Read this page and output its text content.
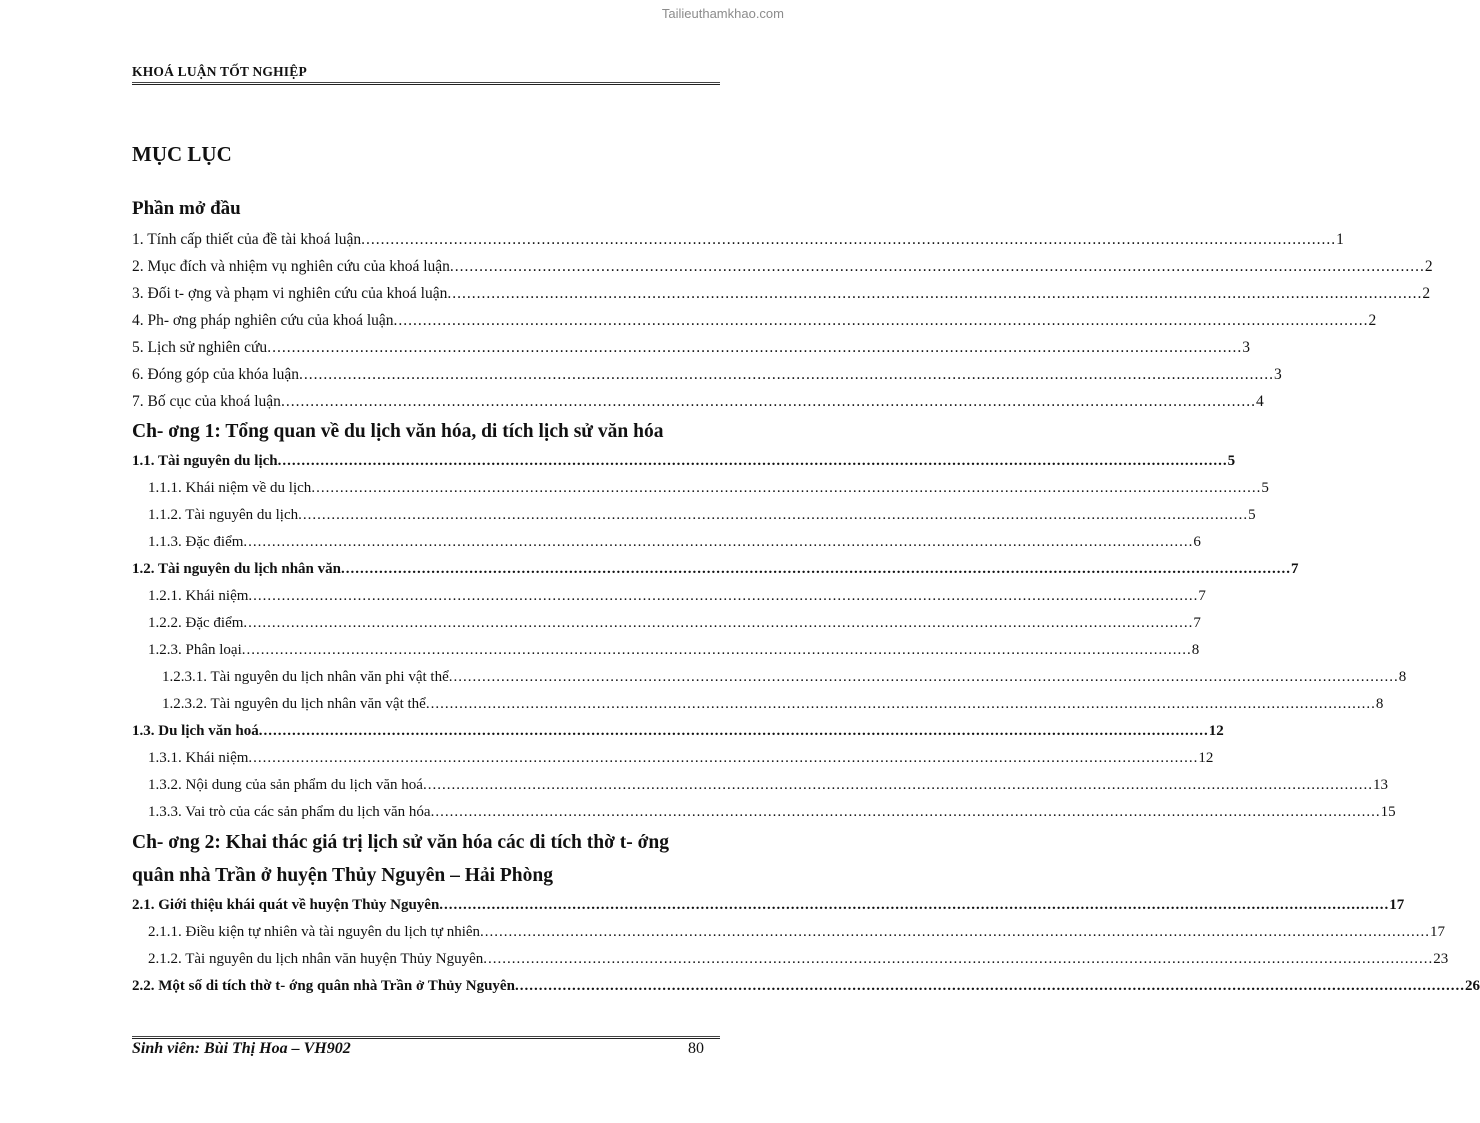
Tailieuthamkhao.com
KHOÁ LUẬN TỐT NGHIỆP
MỤC LỤC
Phần mở đầu
1. Tính cấp thiết của đề tài khoá luận ........................................................................................................................................................................................................ 1
2. Mục đích và nhiệm vụ nghiên cứu của khoá luận ........................................................................................................................................................................................................ 2
3. Đối t- ợng và phạm vi nghiên cứu của khoá luận ........................................................................................................................................................................................................ 2
4. Ph- ơng pháp nghiên cứu của khoá luận ........................................................................................................................................................................................................ 2
5. Lịch sử nghiên cứu ........................................................................................................................................................................................................ 3
6. Đóng góp của khóa luận ........................................................................................................................................................................................................ 3
7. Bố cục của khoá luận ........................................................................................................................................................................................................ 4
Ch- ơng 1: Tổng quan về du lịch văn hóa, di tích lịch sử văn hóa
1.1. Tài nguyên du lịch ........................................................................................................................................................................................................ 5
1.1.1. Khái niệm về du lịch ........................................................................................................................................................................................................ 5
1.1.2. Tài nguyên du lịch ........................................................................................................................................................................................................ 5
1.1.3. Đặc điểm ........................................................................................................................................................................................................ 6
1.2. Tài nguyên du lịch nhân văn ........................................................................................................................................................................................................ 7
1.2.1. Khái niệm ........................................................................................................................................................................................................ 7
1.2.2. Đặc điểm ........................................................................................................................................................................................................ 7
1.2.3. Phân loại ........................................................................................................................................................................................................ 8
1.2.3.1. Tài nguyên du lịch nhân văn phi vật thể ........................................................................................................................................................................................................ 8
1.2.3.2. Tài nguyên du lịch nhân văn vật thể ........................................................................................................................................................................................................ 8
1.3. Du lịch văn hoá ........................................................................................................................................................................................................ 12
1.3.1. Khái niệm ........................................................................................................................................................................................................ 12
1.3.2. Nội dung của sản phẩm du lịch văn hoá ........................................................................................................................................................................................................ 13
1.3.3. Vai trò của các sản phẩm du lịch văn hóa ........................................................................................................................................................................................................ 15
Ch- ơng 2: Khai thác giá trị lịch sử văn hóa các di tích thờ t- ớng
quân nhà Trần ở huyện Thủy Nguyên – Hải Phòng
2.1. Giới thiệu khái quát về huyện Thủy Nguyên ........................................................................................................................................................................................................ 17
2.1.1. Điều kiện tự nhiên và tài nguyên du lịch tự nhiên ........................................................................................................................................................................................................ 17
2.1.2. Tài nguyên du lịch nhân văn huyện Thủy Nguyên ........................................................................................................................................................................................................ 23
2.2. Một số di tích thờ t- ớng quân nhà Trần ở Thủy Nguyên ........................................................................................................................................................................................................ 26
Sinh viên: Bùi Thị Hoa – VH902	80
